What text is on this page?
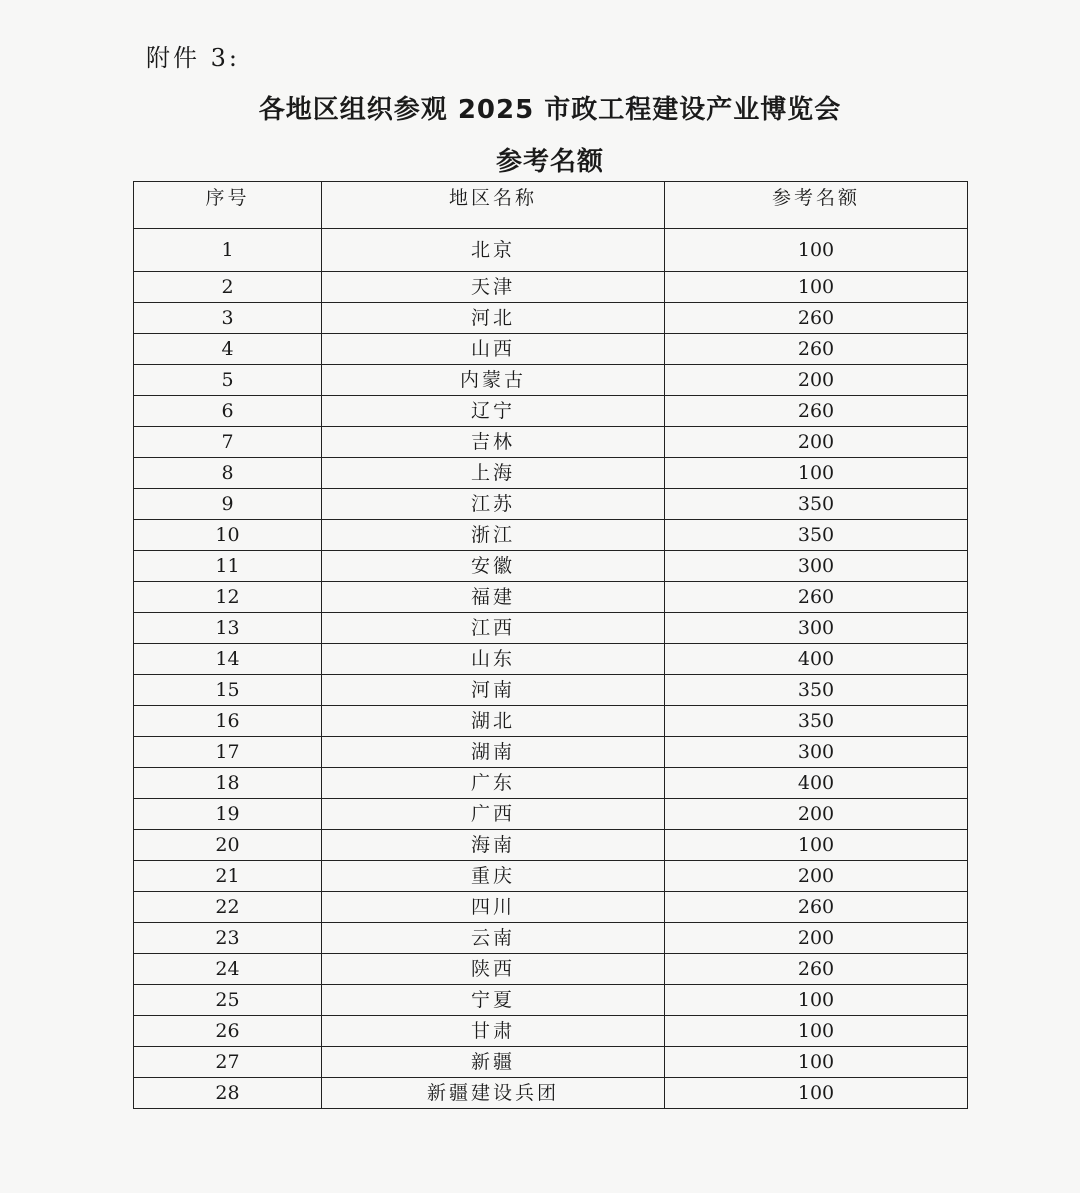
附件 3:
各地区组织参观 2025 市政工程建设产业博览会
参考名额
序号	地区名称	参考名额
1	北京	100
2	天津	100
3	河北	260
4	山西	260
5	内蒙古	200
6	辽宁	260
7	吉林	200
8	上海	100
9	江苏	350
10	浙江	350
11	安徽	300
12	福建	260
13	江西	300
14	山东	400
15	河南	350
16	湖北	350
17	湖南	300
18	广东	400
19	广西	200
20	海南	100
21	重庆	200
22	四川	260
23	云南	200
24	陕西	260
25	宁夏	100
26	甘肃	100
27	新疆	100
28	新疆建设兵团	100
